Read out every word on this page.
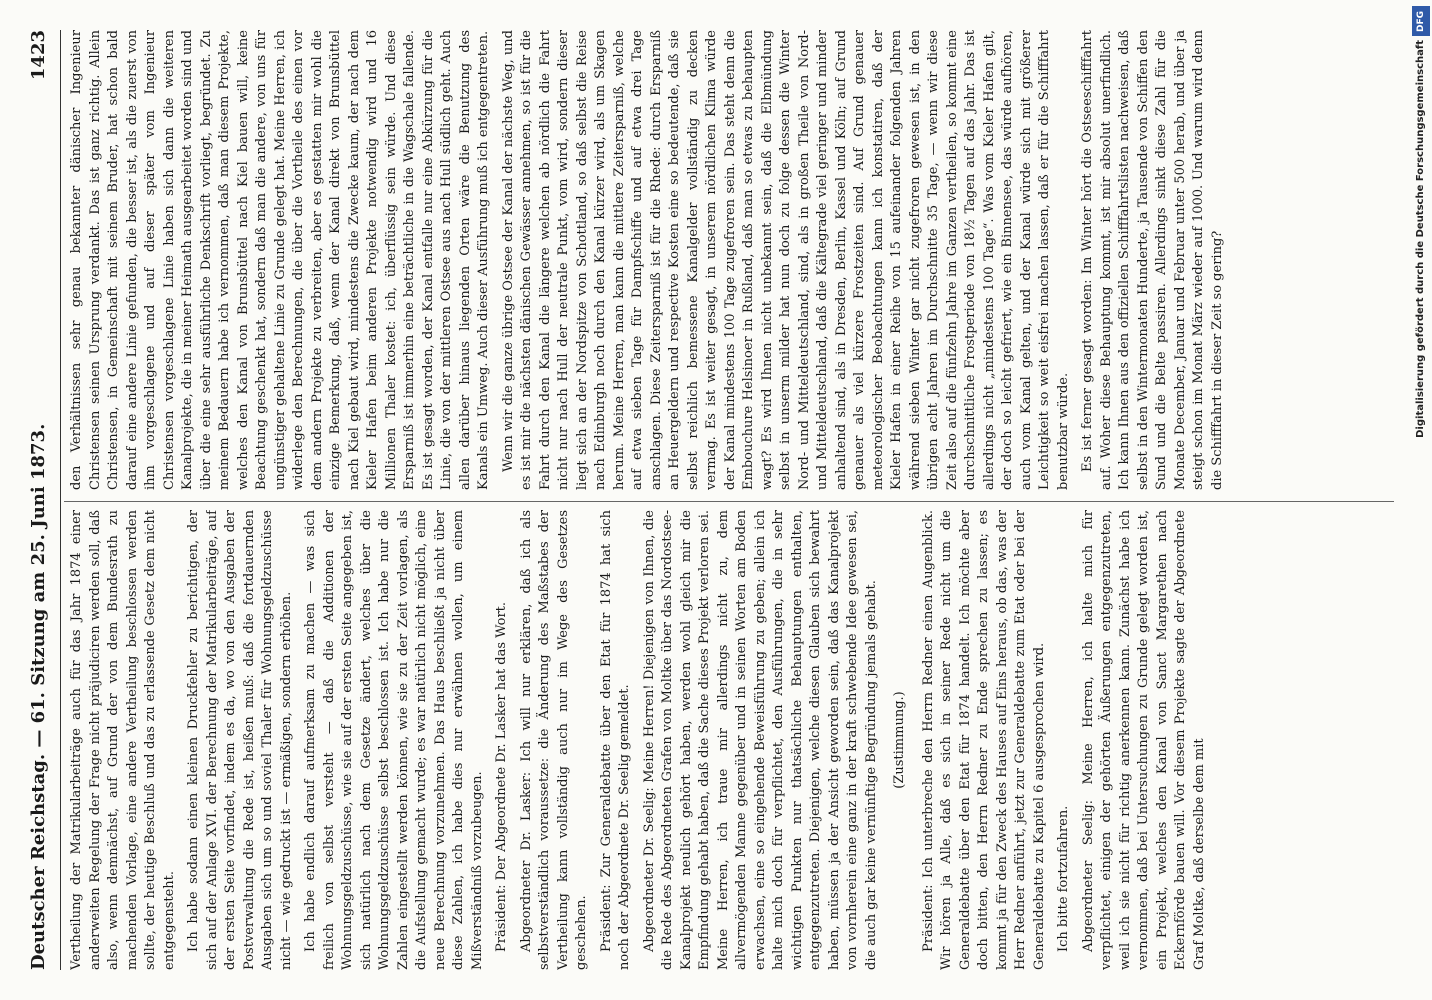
Deutscher Reichstag. — 61. Sitzung am 25. Juni 1873.
1423

Vertheilung der Matrikularbeiträge auch für das Jahr 1874 einer anderweiten Regelung der Frage nicht präjudiciren werden soll, daß also, wenn demnächst, auf Grund der von dem Bundesrath zu machenden Vorlage, eine andere Vertheilung beschlossen werden sollte, der heutige Beschluß und das zu erlassende Gesetz dem nicht entgegensteht. Ich habe sodann einen kleinen Druckfehler zu berichtigen, der sich auf der Anlage XVI. der Berechnung der Matrikularbeiträge, auf der ersten Seite vorfindet, indem es da, wo von den Ausgaben der Postverwaltung die Rede ist, heißen muß: daß die fortdauernden Ausgaben sich um so und soviel Thaler für Wohnungsgeldzuschüsse nicht — wie gedruckt ist — ermäßigen, sondern erhöhen. Ich habe endlich darauf aufmerksam zu machen — was sich freilich von selbst versteht — daß die Additionen der Wohnungsgeldzuschüsse, wie sie auf der ersten Seite angegeben ist, sich natürlich nach dem Gesetze ändert, welches über die Wohnungsgeldzuschüsse selbst beschlossen ist. Ich habe nur die Zahlen eingestellt werden können, wie sie zu der Zeit vorlagen, als die Aufstellung gemacht wurde; es war natürlich nicht möglich, eine neue Berechnung vorzunehmen. Das Haus beschließt ja nicht über diese Zahlen, ich habe dies nur erwähnen wollen, um einem Mißverständniß vorzubeugen. Präsident: Der Abgeordnete Dr. Lasker hat das Wort. Abgeordneter Dr. Lasker: Ich will nur erklären, daß ich als selbstverständlich voraussetze: die Änderung des Maßstabes der Vertheilung kann vollständig auch nur im Wege des Gesetzes geschehen. Präsident: Zur Generaldebatte über den Etat für 1874 hat sich noch der Abgeordnete Dr. Seelig gemeldet. Abgeordneter Dr. Seelig: Meine Herren! Diejenigen von Ihnen, die die Rede des Abgeordneten Grafen von Moltke über das Nordostsee-Kanalprojekt neulich gehört haben, werden wohl gleich mir die Empfindung gehabt haben, daß die Sache dieses Projekt verloren sei. Meine Herren, ich traue mir allerdings nicht zu, dem allvermögenden Manne gegenüber und in seinen Worten am Boden erwachsen, eine so eingehende Beweisführung zu geben; allein ich halte mich doch für verpflichtet, den Ausführungen, die in sehr wichtigen Punkten nur thatsächliche Behauptungen enthalten, entgegenzutreten. Diejenigen, welche diesen Glauben sich bewahrt haben, müssen ja der Ansicht geworden sein, daß das Kanalprojekt von vornherein eine ganz in der kraft schwebende Idee gewesen sei, die auch gar keine vernünftige Begründung jemals gehabt. (Zustimmung.) Präsident: Ich unterbreche den Herrn Redner einen Augenblick. Wir hören ja Alle, daß es sich in seiner Rede nicht um die Generaldebatte über den Etat für 1874 handelt. Ich möchte aber doch bitten, den Herrn Redner zu Ende sprechen zu lassen; es kommt ja für den Zweck des Hauses auf Eins heraus, ob das, was der Herr Redner anführt, jetzt zur Generaldebatte zum Etat oder bei der Generaldebatte zu Kapitel 6 ausgesprochen wird. Ich bitte fortzufahren. Abgeordneter Seelig: Meine Herren, ich halte mich für verpflichtet, einigen der gehörten Äußerungen entgegenzutreten, weil ich sie nicht für richtig anerkennen kann. Zunächst habe ich vernommen, daß bei Untersuchungen zu Grunde gelegt worden ist, ein Projekt, welches den Kanal von Sanct Margarethen nach Eckernförde bauen will. Vor diesem Projekte sagte der Abgeordnete Graf Moltke, daß derselbe dem mit

den Verhältnissen sehr genau bekannter dänischer Ingenieur Christensen seinen Ursprung verdankt. Das ist ganz richtig. Allein Christensen, in Gemeinschaft mit seinem Bruder, hat schon bald darauf eine andere Linie gefunden, die besser ist, als die zuerst von ihm vorgeschlagene und auf dieser später vom Ingenieur Christensen vorgeschlagene Linie haben sich dann die weiteren Kanalprojekte, die in meiner Heimath ausgearbeitet worden sind und über die eine sehr ausführliche Denkschrift vorliegt, begründet. Zu meinem Bedauern habe ich vernommen, daß man diesem Projekte, welches den Kanal von Brunsbüttel nach Kiel bauen will, keine Beachtung geschenkt hat, sondern daß man die andere, von uns für ungünstiger gehaltene Linie zu Grunde gelegt hat. Meine Herren, ich widerlege den Berechnungen, die über die Vortheile des einen vor dem andern Projekte zu verbreiten, aber es gestatten mir wohl die einzige Bemerkung, daß, wenn der Kanal direkt von Brunsbüttel nach Kiel gebaut wird, mindestens die Zwecke kaum, der nach dem Kieler Hafen beim anderen Projekte notwendig wird und 16 Millionen Thaler kostet: ich, überflüssig sein würde. Und diese Ersparniß ist immerhin eine beträchtliche in die Wagschale fallende. Es ist gesagt worden, der Kanal entfalle nur eine Abkürzung für die Linie, die von der mittleren Ostsee aus nach Hull südlich geht. Auch allen darüber hinaus liegenden Orten wäre die Benutzung des Kanals ein Umweg. Auch dieser Ausführung muß ich entgegentreten. Wenn wir die ganze übrige Ostsee der Kanal der nächste Weg, und es ist mir die nächsten dänischen Gewässer annehmen, so ist für die Fahrt durch den Kanal die längere welchen ab nördlich die Fahrt nicht nur nach Hull der neutrale Punkt, vom wird, sondern dieser liegt sich an der Nordspitze von Schottland, so daß selbst die Reise nach Edinburgh noch durch den Kanal kürzer wird, als um Skagen herum. Meine Herren, man kann die mittlere Zeitersparniß, welche auf etwa sieben Tage für Dampfschiffe und auf etwa drei Tage anschlagen. Diese Zeitersparniß ist für die Rhede: durch Ersparniß an Heuergeldern und respective Kosten eine so bedeutende, daß sie selbst reichlich bemessene Kanalgelder vollständig zu decken vermag. Es ist weiter gesagt, in unserem nördlichen Klima würde der Kanal mindestens 100 Tage zugefroren sein. Das steht denn die Embouchure Helsinoer in Rußland, daß man so etwas zu behaupten wagt? Es wird Ihnen nicht unbekannt sein, daß die Elbmündung selbst in unserm milder hat nun doch zu folge dessen die Winter Nord- und Mitteldeutschland, sind, als in großen Theile von Nord- und Mitteldeutschland, daß die Kältegrade viel geringer und minder anhaltend sind, als in Dresden, Berlin, Kassel und Köln; auf Grund genauer als viel kürzere Frostzeiten sind. Auf Grund genauer meteorologischer Beobachtungen kann ich konstatiren, daß der Kieler Hafen in einer Reihe von 15 aufeinander folgenden Jahren während sieben Winter gar nicht zugefroren gewesen ist, in den übrigen acht Jahren im Durchschnitte 35 Tage, — wenn wir diese Zeit also auf die fünfzehn Jahre im Ganzen vertheilen, so kommt eine durchschnittliche Frostperiode von 18½ Tagen auf das Jahr. Das ist allerdings nicht „mindestens 100 Tage“. Was vom Kieler Hafen gilt, der doch so leicht gefriert, wie ein Binnensee, das würde aufhören, auch vom Kanal gelten, und der Kanal würde sich mit größerer Leichtigkeit so weit eisfrei machen lassen, daß er für die Schifffahrt benutzbar würde. Es ist ferner gesagt worden: Im Winter hört die Ostseeschifffahrt auf. Woher diese Behauptung kommt, ist mir absolut unerfindlich. Ich kann Ihnen aus den offiziellen Schifffahrtslisten nachweisen, daß selbst in den Wintermonaten Hunderte, ja Tausende von Schiffen den Sund und die Belte passiren. Allerdings sinkt diese Zahl für die Monate December, Januar und Februar unter 500 herab, und über ja steigt schon im Monat März wieder auf 1000. Und warum wird denn die Schifffahrt in dieser Zeit so gering?	Digitalisierung gefördert durch die Deutsche Forschungsgemeinschaft
DFG
